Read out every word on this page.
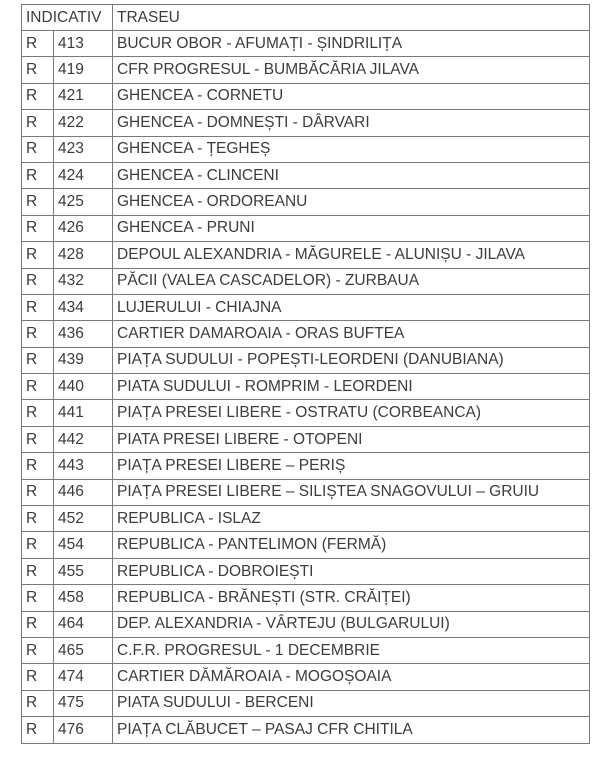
INDICATIV		TRASEU
R	413	BUCUR OBOR - AFUMAȚI - ȘINDRILIȚA
R	419	CFR PROGRESUL - BUMBĂCĂRIA JILAVA
R	421	GHENCEA - CORNETU
R	422	GHENCEA - DOMNEȘTI - DÂRVARI
R	423	GHENCEA - ȚEGHEȘ
R	424	GHENCEA - CLINCENI
R	425	GHENCEA - ORDOREANU
R	426	GHENCEA - PRUNI
R	428	DEPOUL ALEXANDRIA - MĂGURELE - ALUNIȘU - JILAVA
R	432	PĂCII (VALEA CASCADELOR) - ZURBAUA
R	434	LUJERULUI - CHIAJNA
R	436	CARTIER DAMAROAIA - ORAS BUFTEA
R	439	PIAȚA SUDULUI - POPEȘTI-LEORDENI (DANUBIANA)
R	440	PIATA SUDULUI - ROMPRIM - LEORDENI
R	441	PIAȚA PRESEI LIBERE - OSTRATU (CORBEANCA)
R	442	PIATA PRESEI LIBERE - OTOPENI
R	443	PIAȚA PRESEI LIBERE – PERIȘ
R	446	PIAȚA PRESEI LIBERE – SILIȘTEA SNAGOVULUI – GRUIU
R	452	REPUBLICA - ISLAZ
R	454	REPUBLICA - PANTELIMON (FERMĂ)
R	455	REPUBLICA - DOBROIEȘTI
R	458	REPUBLICA - BRĂNEȘTI (STR. CRĂIȚEI)
R	464	DEP. ALEXANDRIA - VÂRTEJU (BULGARULUI)
R	465	C.F.R. PROGRESUL - 1 DECEMBRIE
R	474	CARTIER DĂMĂROAIA - MOGOȘOAIA
R	475	PIATA SUDULUI - BERCENI
R	476	PIAȚA CLĂBUCET – PASAJ CFR CHITILA
